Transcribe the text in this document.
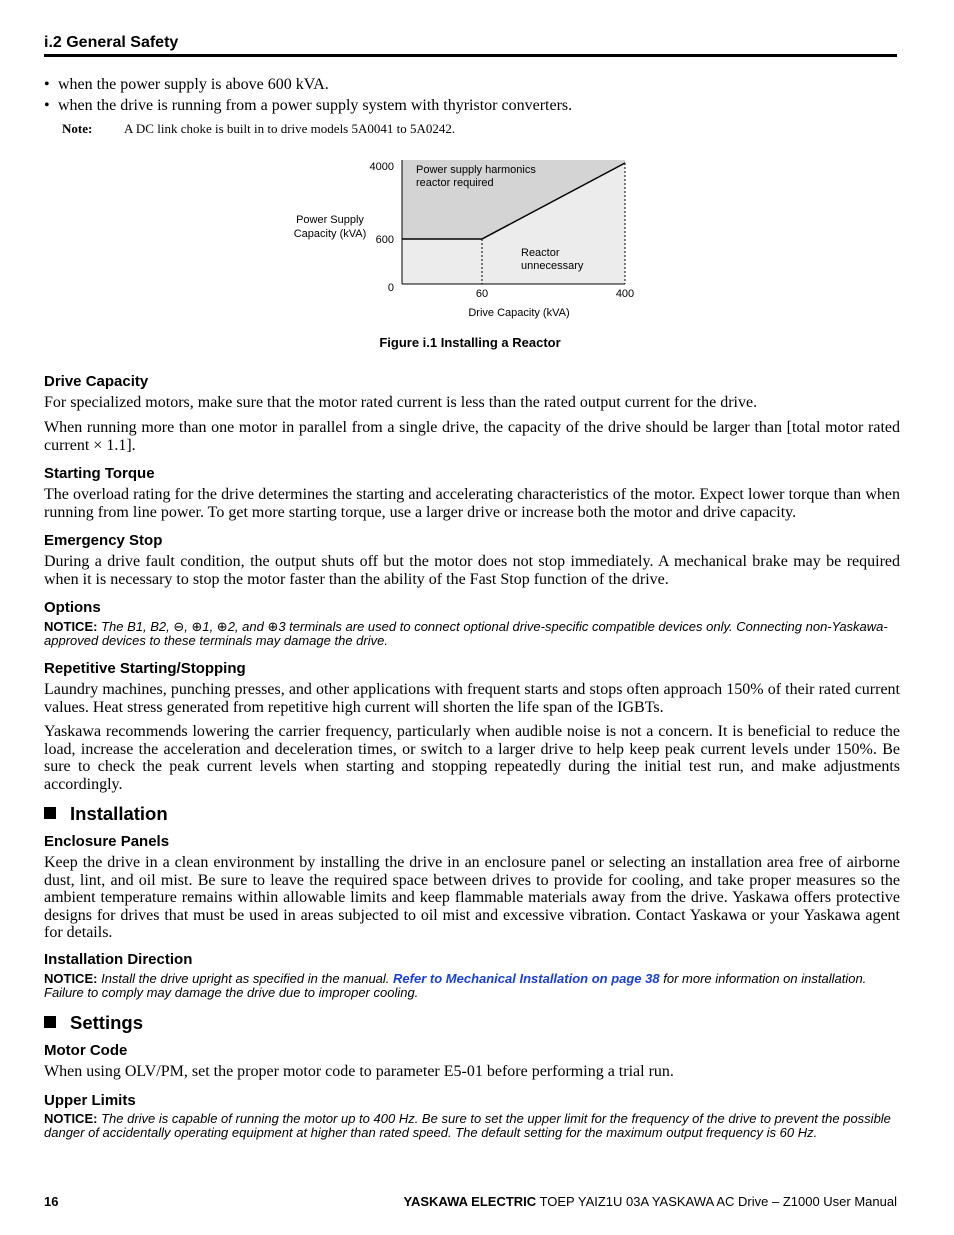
i.2 General Safety
• when the power supply is above 600 kVA.
• when the drive is running from a power supply system with thyristor converters.
Note: A DC link choke is built in to drive models 5A0041 to 5A0242.
4000
600
0	60	400
Power Supply
Capacity (kVA)
Drive Capacity (kVA)
Power supply harmonics
reactor required
Reactor
unnecessary
Figure i.1 Installing a Reactor
Drive Capacity
For specialized motors, make sure that the motor rated current is less than the rated output current for the drive.
When running more than one motor in parallel from a single drive, the capacity of the drive should be larger than [total motor rated current × 1.1].
Starting Torque
The overload rating for the drive determines the starting and accelerating characteristics of the motor. Expect lower torque than when running from line power. To get more starting torque, use a larger drive or increase both the motor and drive capacity.
Emergency Stop
During a drive fault condition, the output shuts off but the motor does not stop immediately. A mechanical brake may be required when it is necessary to stop the motor faster than the ability of the Fast Stop function of the drive.
Options
NOTICE: The B1, B2, ⊖, ⊕1, ⊕2, and ⊕3 terminals are used to connect optional drive-specific compatible devices only. Connecting non-Yaskawa-approved devices to these terminals may damage the drive.
Repetitive Starting/Stopping
Laundry machines, punching presses, and other applications with frequent starts and stops often approach 150% of their rated current values. Heat stress generated from repetitive high current will shorten the life span of the IGBTs.
Yaskawa recommends lowering the carrier frequency, particularly when audible noise is not a concern. It is beneficial to reduce the load, increase the acceleration and deceleration times, or switch to a larger drive to help keep peak current levels under 150%. Be sure to check the peak current levels when starting and stopping repeatedly during the initial test run, and make adjustments accordingly.
Installation
Enclosure Panels
Keep the drive in a clean environment by installing the drive in an enclosure panel or selecting an installation area free of airborne dust, lint, and oil mist. Be sure to leave the required space between drives to provide for cooling, and take proper measures so the ambient temperature remains within allowable limits and keep flammable materials away from the drive. Yaskawa offers protective designs for drives that must be used in areas subjected to oil mist and excessive vibration. Contact Yaskawa or your Yaskawa agent for details.
Installation Direction
NOTICE: Install the drive upright as specified in the manual. Refer to Mechanical Installation on page 38 for more information on installation. Failure to comply may damage the drive due to improper cooling.
Settings
Motor Code
When using OLV/PM, set the proper motor code to parameter E5-01 before performing a trial run.
Upper Limits
NOTICE: The drive is capable of running the motor up to 400 Hz. Be sure to set the upper limit for the frequency of the drive to prevent the possible danger of accidentally operating equipment at higher than rated speed. The default setting for the maximum output frequency is 60 Hz.
16	YASKAWA ELECTRIC TOEP YAIZ1U 03A YASKAWA AC Drive – Z1000 User Manual
